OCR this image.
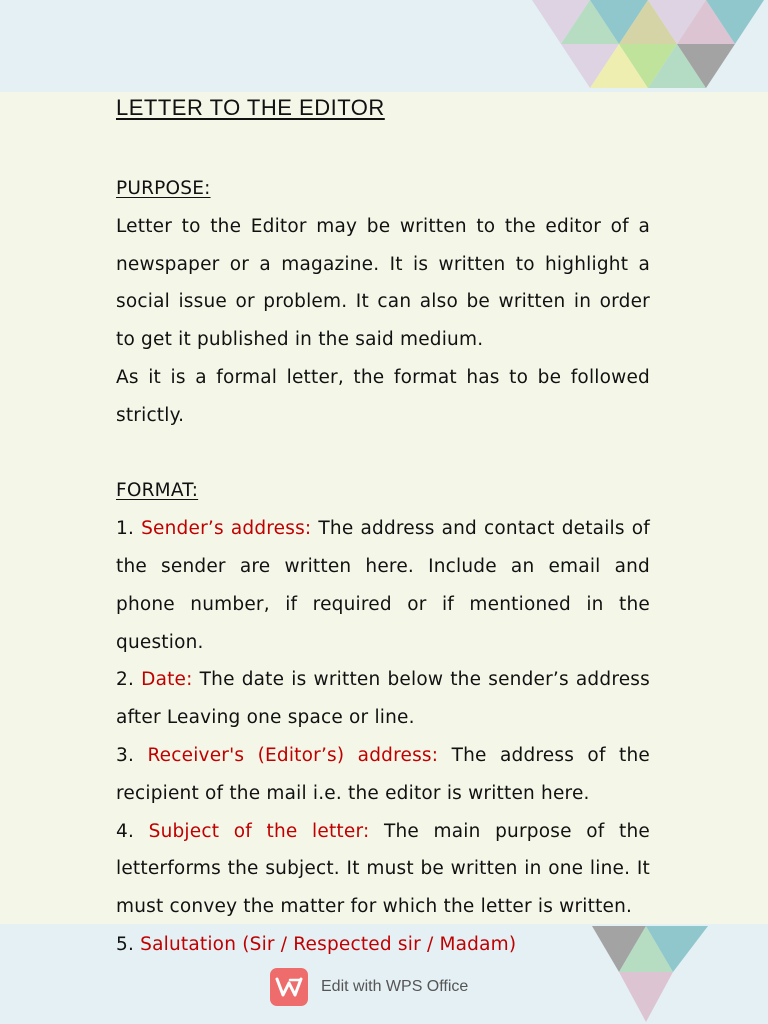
LETTER TO THE EDITOR

PURPOSE:

Letter to the Editor may be written to the editor of a newspaper or a magazine. It is written to highlight a social issue or problem. It can also be written in order to get it published in the said medium.

As it is a formal letter, the format has to be followed strictly.

FORMAT:

1. Sender’s address: The address and contact details of the sender are written here. Include an email and phone number, if required or if mentioned in the question.

2. Date: The date is written below the sender’s address after Leaving one space or line.

3. Receiver's (Editor’s) address: The address of the recipient of the mail i.e. the editor is written here.

4. Subject of the letter: The main purpose of the letterforms the subject. It must be written in one line. It must convey the matter for which the letter is written.

5. Salutation (Sir / Respected sir / Madam)

Edit with WPS Office
